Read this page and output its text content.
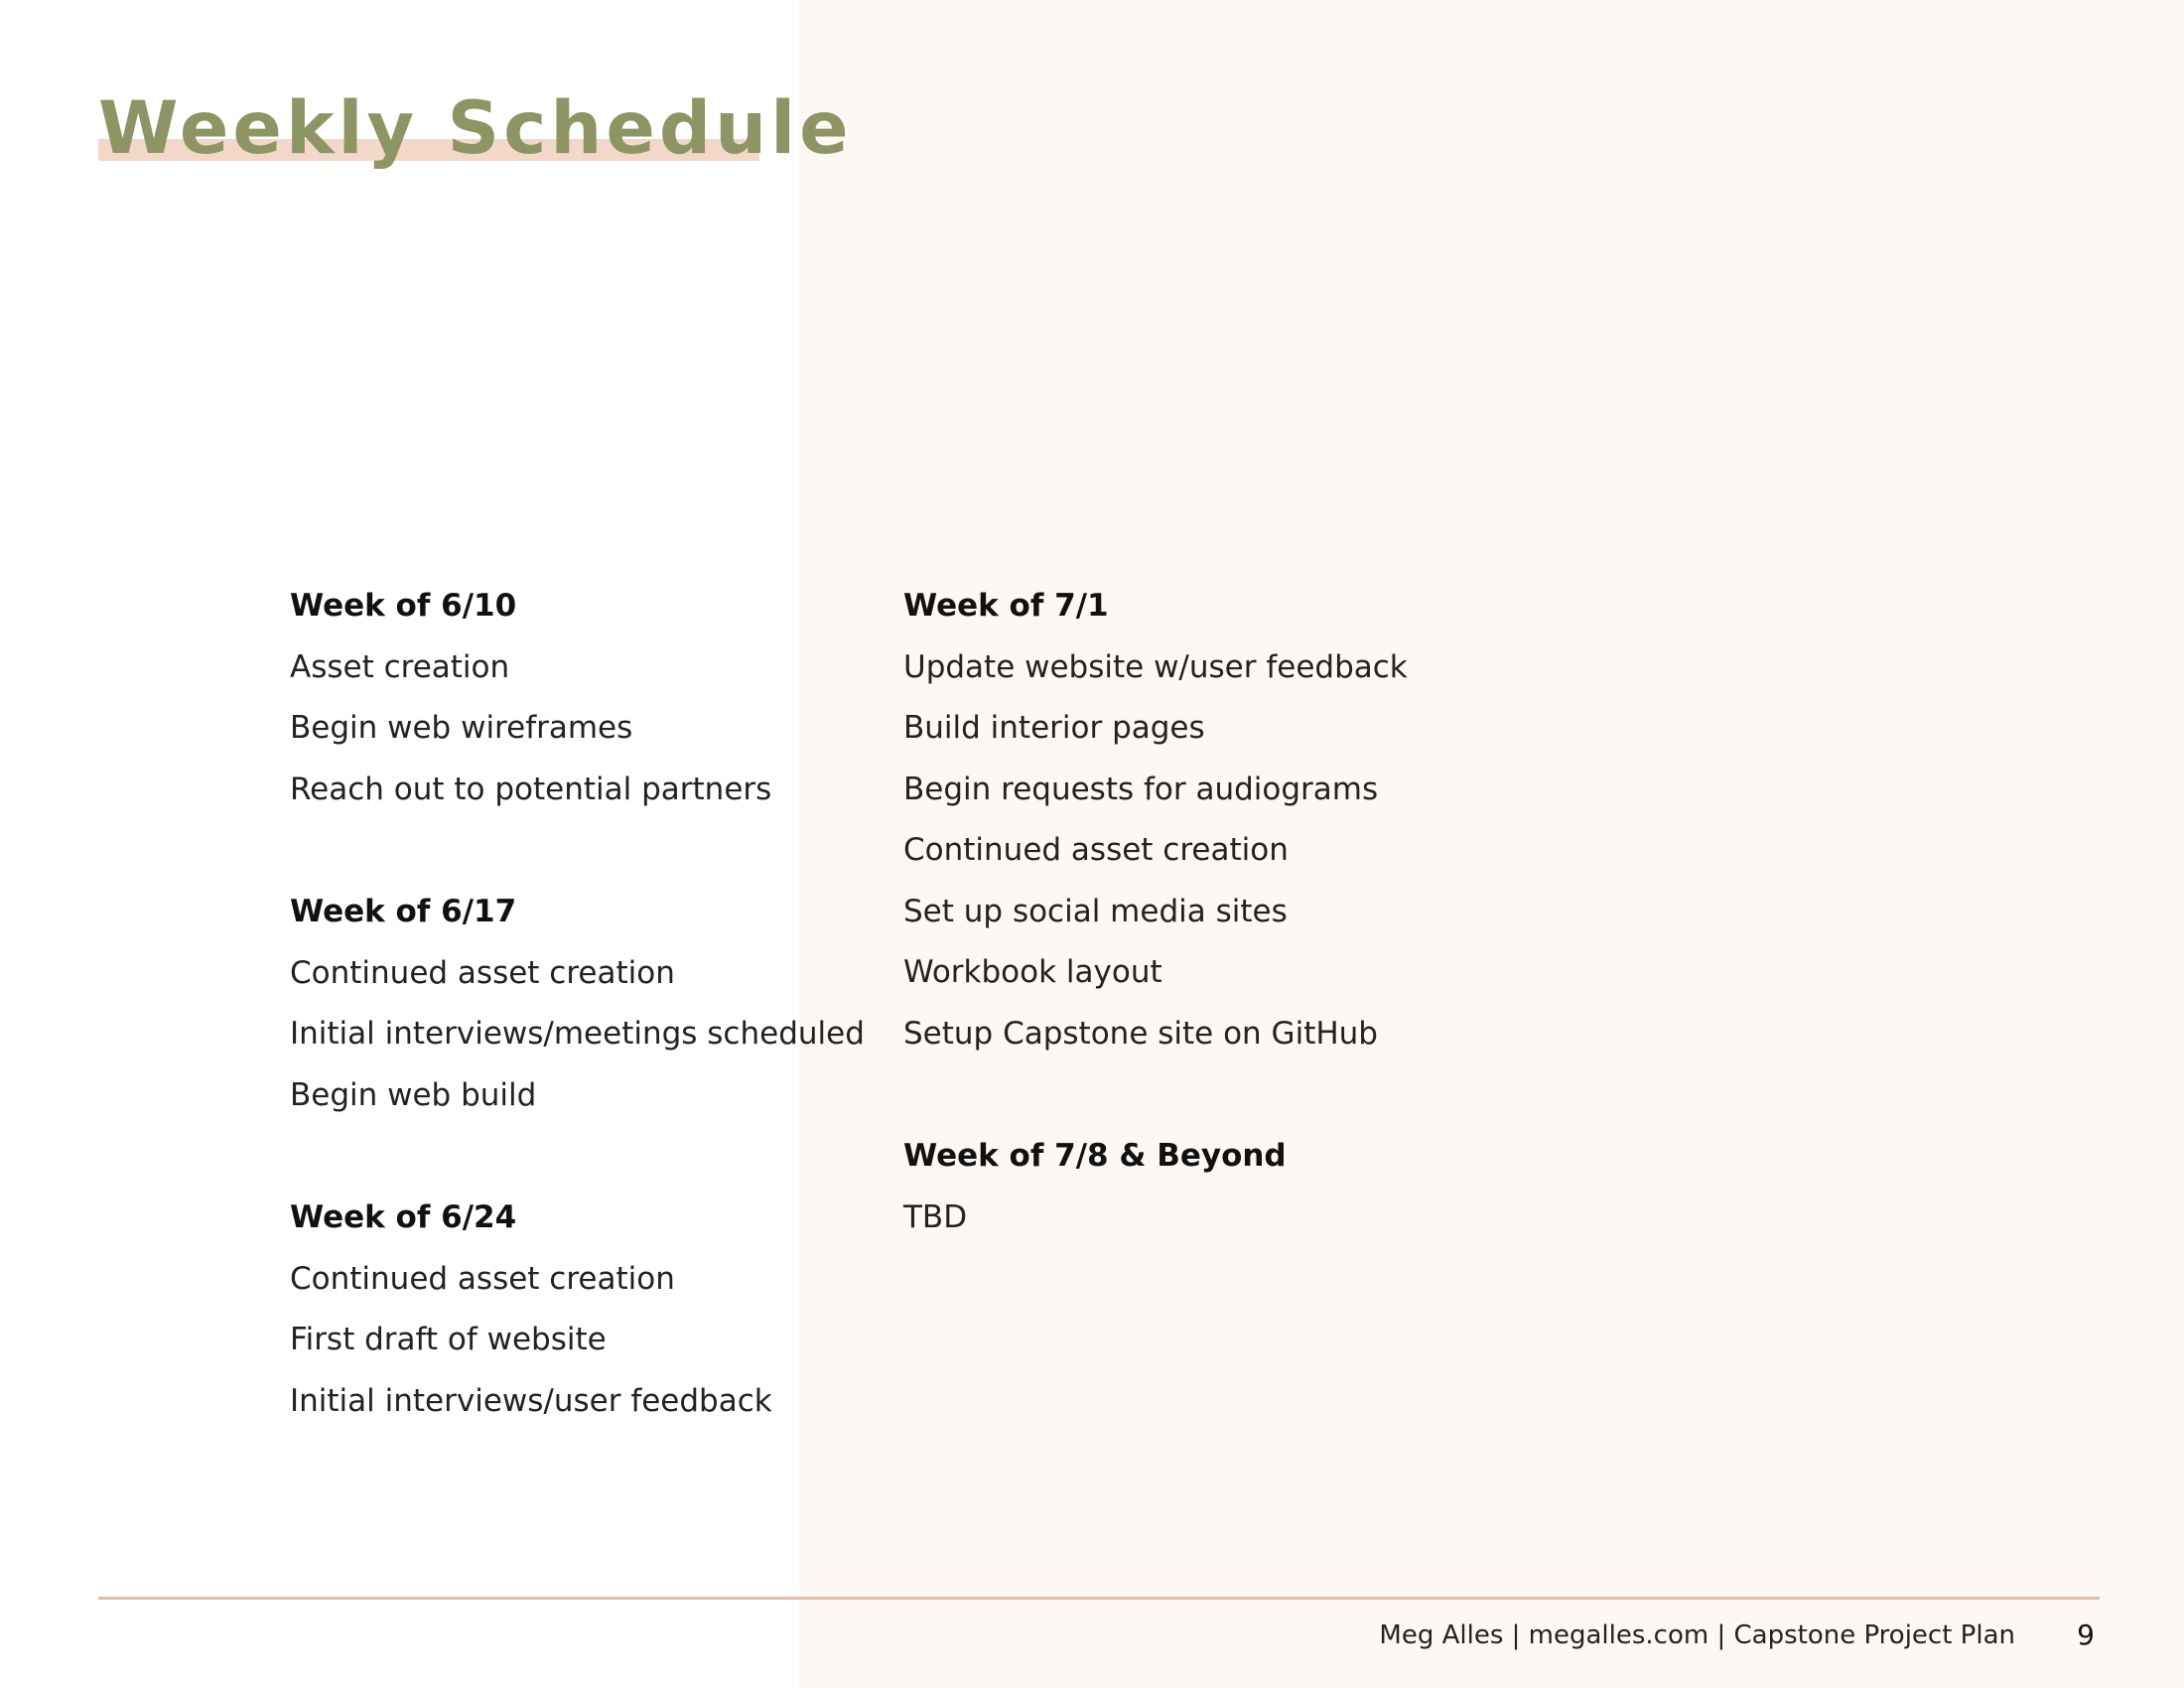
Weekly Schedule
Week of 6/10
Asset creation
Begin web wireframes
Reach out to potential partners
Week of 6/17
Continued asset creation
Initial interviews/meetings scheduled
Begin web build
Week of 6/24
Continued asset creation
First draft of website
Initial interviews/user feedback
Week of 7/1
Update website w/user feedback
Build interior pages
Begin requests for audiograms
Continued asset creation
Set up social media sites
Workbook layout
Setup Capstone site on GitHub
Week of 7/8 & Beyond
TBD
Meg Alles | megalles.com | Capstone Project Plan 9
